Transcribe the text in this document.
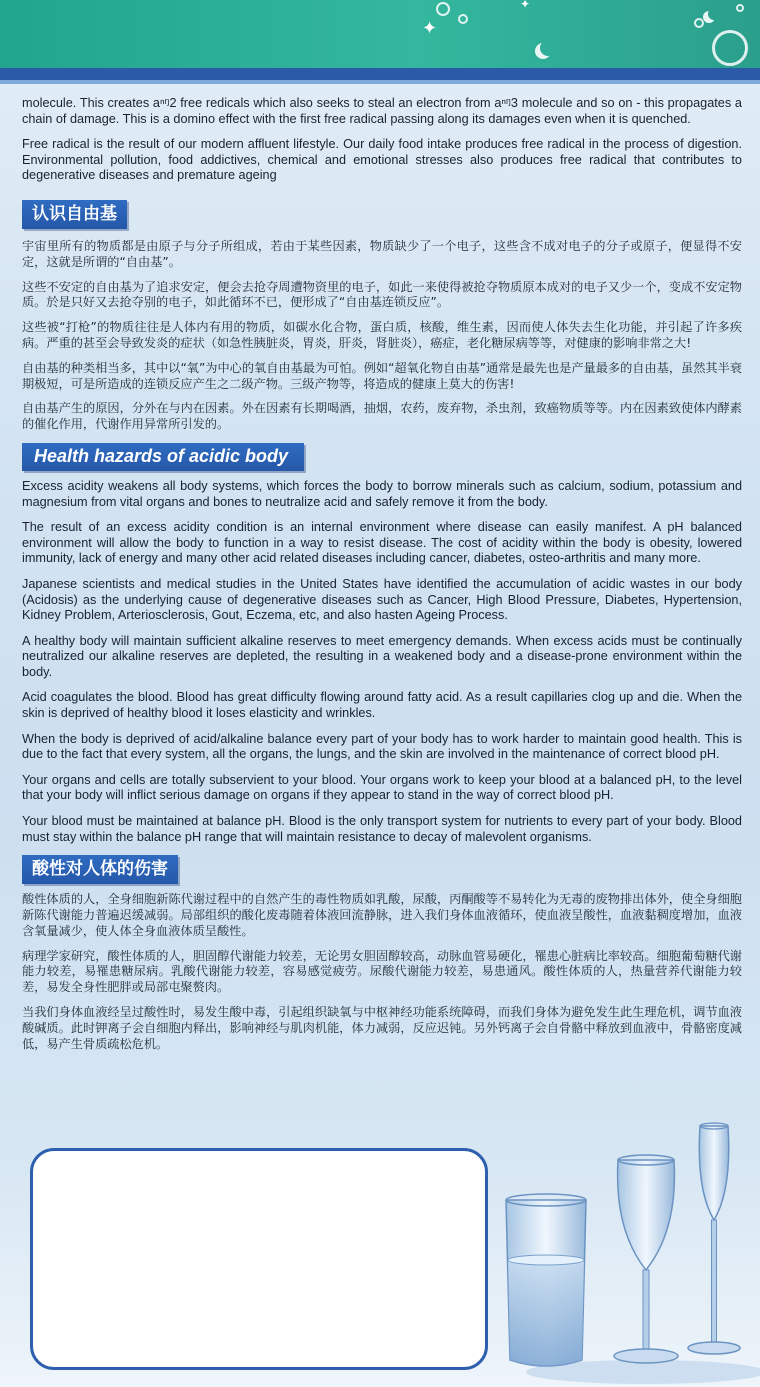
✦
✦

molecule. This creates aⁿᵑ2 free redicals which also seeks to steal an electron from aⁿᵑ3 molecule and so on - this propagates a chain of damage. This is a domino effect with the first free radical passing along its damages even when it is quenched.

Free radical is the result of our modern affluent lifestyle. Our daily food intake produces free radical in the process of digestion. Environmental pollution, food addictives, chemical and emotional stresses also produces free radical that contributes to degenerative diseases and premature ageing

认识自由基

宇宙里所有的物质都是由原子与分子所组成，若由于某些因素，物质缺少了一个电子，这些含不成对电子的分子或原子，便显得不安定，这就是所谓的“自由基”。

这些不安定的自由基为了追求安定，便会去抢夺周遭物资里的电子，如此一来使得被抢夺物质原本成对的电子又少一个，变成不安定物质。於是只好又去抢夺别的电子，如此循环不已，便形成了“自由基连锁反应”。

这些被“打枪”的物质往往是人体内有用的物质，如碳水化合物，蛋白质，核酸，维生素，因而使人体失去生化功能，并引起了许多疾病。严重的甚至会导致发炎的症状（如急性胰脏炎，胃炎，肝炎，肾脏炎），癌症，老化糖尿病等等，对健康的影响非常之大!

自由基的种类相当多，其中以“氧”为中心的氧自由基最为可怕。例如“超氧化物自由基”通常是最先也是产量最多的自由基，虽然其半衰期极短，可是所造成的连锁反应产生之二级产物。三级产物等，将造成的健康上莫大的伤害!

自由基产生的原因，分外在与内在因素。外在因素有长期喝酒，抽烟，农药，废弃物，杀虫剂，致癌物质等等。内在因素致使体内酵素的催化作用，代谢作用异常所引发的。

Health hazards of acidic body

Excess acidity weakens all body systems, which forces the body to borrow minerals such as calcium, sodium, potassium and magnesium from vital organs and bones to neutralize acid and safely remove it from the body.

The result of an excess acidity condition is an internal environment where disease can easily manifest. A pH balanced environment will allow the body to function in a way to resist disease. The cost of acidity within the body is obesity, lowered immunity, lack of energy and many other acid related diseases including cancer, diabetes, osteo-arthritis and many more.

Japanese scientists and medical studies in the United States have identified the accumulation of acidic wastes in our body (Acidosis) as the underlying cause of degenerative diseases such as Cancer, High Blood Pressure, Diabetes, Hypertension, Kidney Problem, Arteriosclerosis, Gout, Eczema, etc, and also hasten Ageing Process.

A healthy body will maintain sufficient alkaline reserves to meet emergency demands. When excess acids must be continually neutralized our alkaline reserves are depleted, the resulting in a weakened body and a disease-prone environment within the body.

Acid coagulates the blood. Blood has great difficulty flowing around fatty acid. As a result capillaries clog up and die. When the skin is deprived of healthy blood it loses elasticity and wrinkles.

When the body is deprived of acid/alkaline balance every part of your body has to work harder to maintain good health. This is due to the fact that every system, all the organs, the lungs, and the skin are involved in the maintenance of correct blood pH.

Your organs and cells are totally subservient to your blood. Your organs work to keep your blood at a balanced pH, to the level that your body will inflict serious damage on organs if they appear to stand in the way of correct blood pH.

Your blood must be maintained at balance pH. Blood is the only transport system for nutrients to every part of your body. Blood must stay within the balance pH range that will maintain resistance to decay of malevolent organisms.

酸性对人体的伤害

酸性体质的人，全身细胞新陈代谢过程中的自然产生的毒性物质如乳酸，尿酸，丙酮酸等不易转化为无毒的废物排出体外，使全身细胞新陈代谢能力普遍迟缓减弱。局部组织的酸化废毒随着体液回流静脉，进入我们身体血液循环，使血液呈酸性，血液黏稠度增加，血液含氧量减少，使人体全身血液体质呈酸性。

病理学家研究，酸性体质的人，胆固醇代谢能力较差，无论男女胆固醇较高，动脉血管易硬化，罹患心脏病比率较高。细胞葡萄糖代谢能力较差，易罹患糖尿病。乳酸代谢能力较差，容易感觉疲劳。尿酸代谢能力较差，易患通风。酸性体质的人，热量营养代谢能力较差，易发全身性肥胖或局部屯聚赘肉。

当我们身体血液经呈过酸性时，易发生酸中毒，引起组织缺氧与中枢神经功能系统障碍，而我们身体为避免发生此生理危机，调节血液酸碱质。此时钾离子会自细胞内释出，影响神经与肌肉机能，体力减弱，反应迟钝。另外钙离子会自骨骼中释放到血液中，骨骼密度减低，易产生骨质疏松危机。
